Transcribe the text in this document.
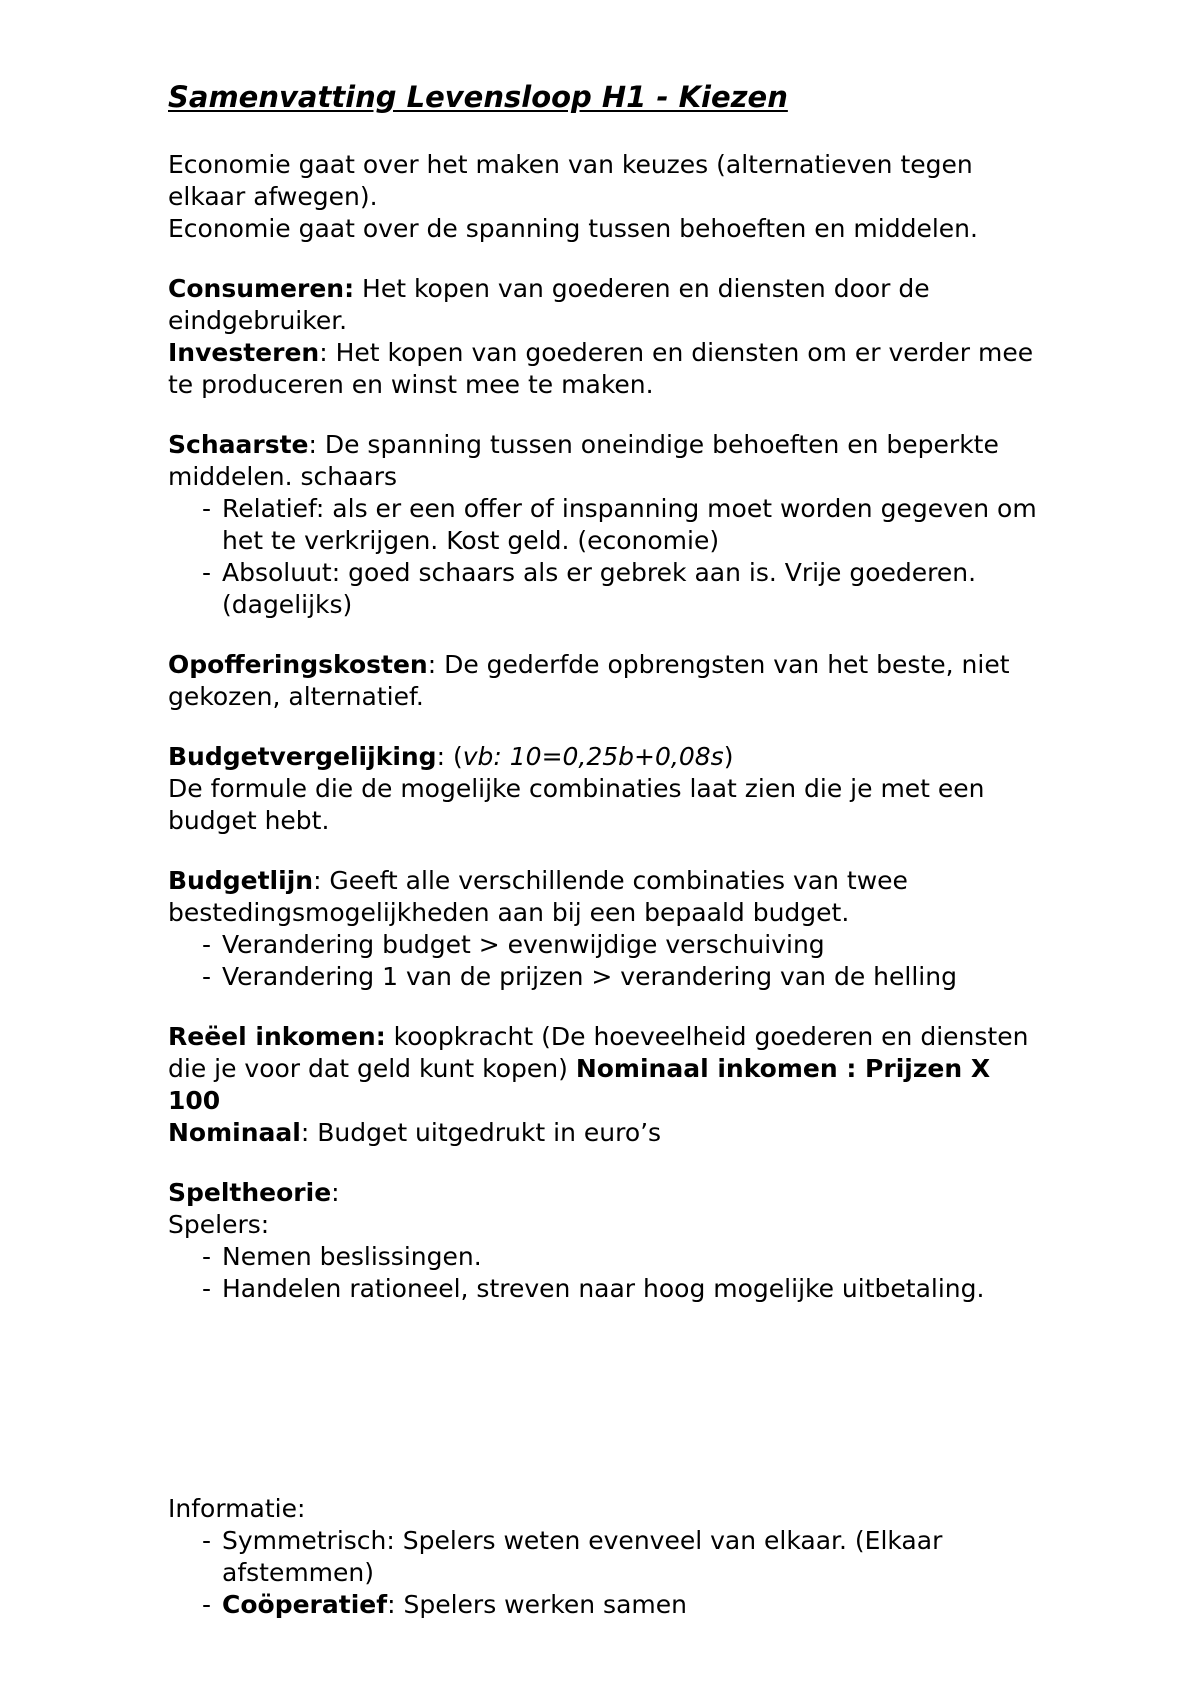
Samenvatting Levensloop H1 - Kiezen

Economie gaat over het maken van keuzes (alternatieven tegen elkaar afwegen).

Economie gaat over de spanning tussen behoeften en middelen.

Consumeren: Het kopen van goederen en diensten door de eindgebruiker.

Investeren: Het kopen van goederen en diensten om er verder mee te produceren en winst mee te maken.

Schaarste: De spanning tussen oneindige behoeften en beperkte middelen. schaars

- Relatief: als er een offer of inspanning moet worden gegeven om het te verkrijgen. Kost geld. (economie)
- Absoluut: goed schaars als er gebrek aan is. Vrije goederen. (dagelijks)

Opofferingskosten: De gederfde opbrengsten van het beste, niet gekozen, alternatief.

Budgetvergelijking: (vb: 10=0,25b+0,08s)

De formule die de mogelijke combinaties laat zien die je met een budget hebt.

Budgetlijn: Geeft alle verschillende combinaties van twee bestedingsmogelijkheden aan bij een bepaald budget.

- Verandering budget > evenwijdige verschuiving
- Verandering 1 van de prijzen > verandering van de helling

Reëel inkomen: koopkracht (De hoeveelheid goederen en diensten die je voor dat geld kunt kopen) Nominaal inkomen : Prijzen X 100

Nominaal: Budget uitgedrukt in euro’s

Speltheorie:

Spelers:

- Nemen beslissingen.
- Handelen rationeel, streven naar hoog mogelijke uitbetaling.

Informatie:

- Symmetrisch: Spelers weten evenveel van elkaar. (Elkaar afstemmen)
- Coöperatief: Spelers werken samen
